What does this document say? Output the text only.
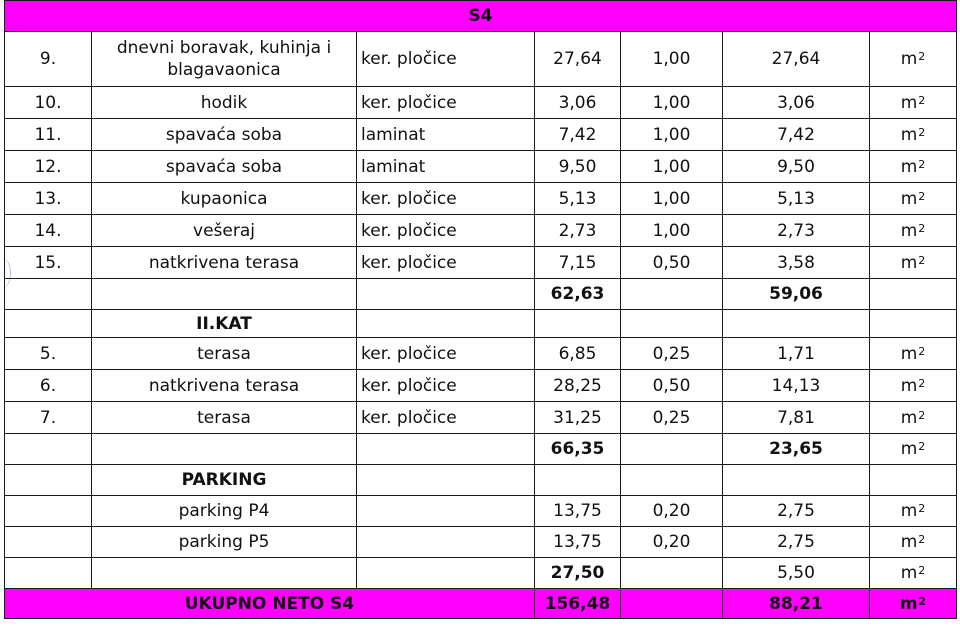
S4						
9.	dnevni boravak, kuhinja i blagavaonica	ker. pločice	27,64	1,00	27,64	$m^2$
10.	hodik	ker. pločice	3,06	1,00	3,06	$m^2$
11.	spavaća soba	laminat	7,42	1,00	7,42	$m^2$
12.	spavaća soba	laminat	9,50	1,00	9,50	$m^2$
13.	kupaonica	ker. pločice	5,13	1,00	5,13	$m^2$
14.	vešeraj	ker. pločice	2,73	1,00	2,73	$m^2$
15.	natkrivena terasa	ker. pločice	7,15	0,50	3,58	$m^2$
			62,63		59,06	
	II.KAT					
5.	terasa	ker. pločice	6,85	0,25	1,71	$m^2$
6.	natkrivena terasa	ker. pločice	28,25	0,50	14,13	$m^2$
7.	terasa	ker. pločice	31,25	0,25	7,81	$m^2$
			66,35		23,65	$m^2$
	PARKING					
	parking P4		13,75	0,20	2,75	$m^2$
	parking P5		13,75	0,20	2,75	$m^2$
			27,50		5,50	$m^2$
UKUPNO NETO S4			156,48		88,21	$m^2$
